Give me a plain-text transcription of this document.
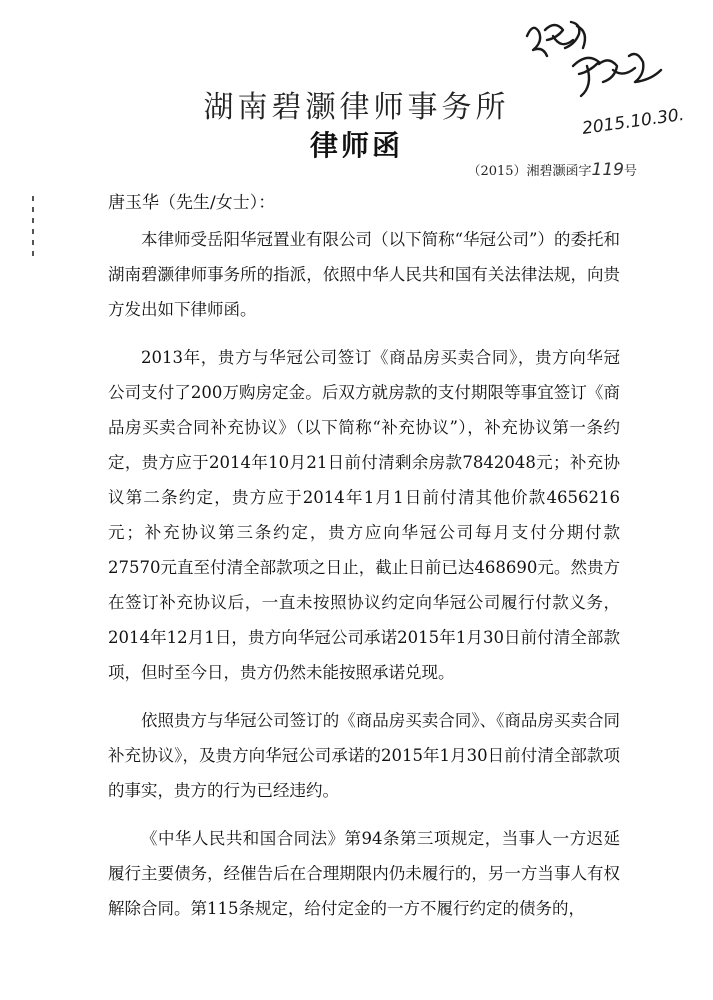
2015.10.30.
湖南碧灏律师事务所
律师函
（2015）湘碧灏函字119号
唐玉华（先生/女士）：

本律师受岳阳华冠置业有限公司（以下简称“华冠公司”）的委托和湖南碧灏律师事务所的指派，依照中华人民共和国有关法律法规，向贵方发出如下律师函。

2013年，贵方与华冠公司签订《商品房买卖合同》，贵方向华冠公司支付了200万购房定金。后双方就房款的支付期限等事宜签订《商品房买卖合同补充协议》（以下简称“补充协议”），补充协议第一条约定，贵方应于2014年10月21日前付清剩余房款7842048元；补充协议第二条约定，贵方应于2014年1月1日前付清其他价款4656216元；补充协议第三条约定，贵方应向华冠公司每月支付分期付款27570元直至付清全部款项之日止，截止日前已达468690元。然贵方在签订补充协议后，一直未按照协议约定向华冠公司履行付款义务，2014年12月1日，贵方向华冠公司承诺2015年1月30日前付清全部款项，但时至今日，贵方仍然未能按照承诺兑现。

依照贵方与华冠公司签订的《商品房买卖合同》、《商品房买卖合同补充协议》，及贵方向华冠公司承诺的2015年1月30日前付清全部款项的事实，贵方的行为已经违约。

《中华人民共和国合同法》第94条第三项规定，当事人一方迟延履行主要债务，经催告后在合理期限内仍未履行的，另一方当事人有权解除合同。第115条规定，给付定金的一方不履行约定的债务的，
